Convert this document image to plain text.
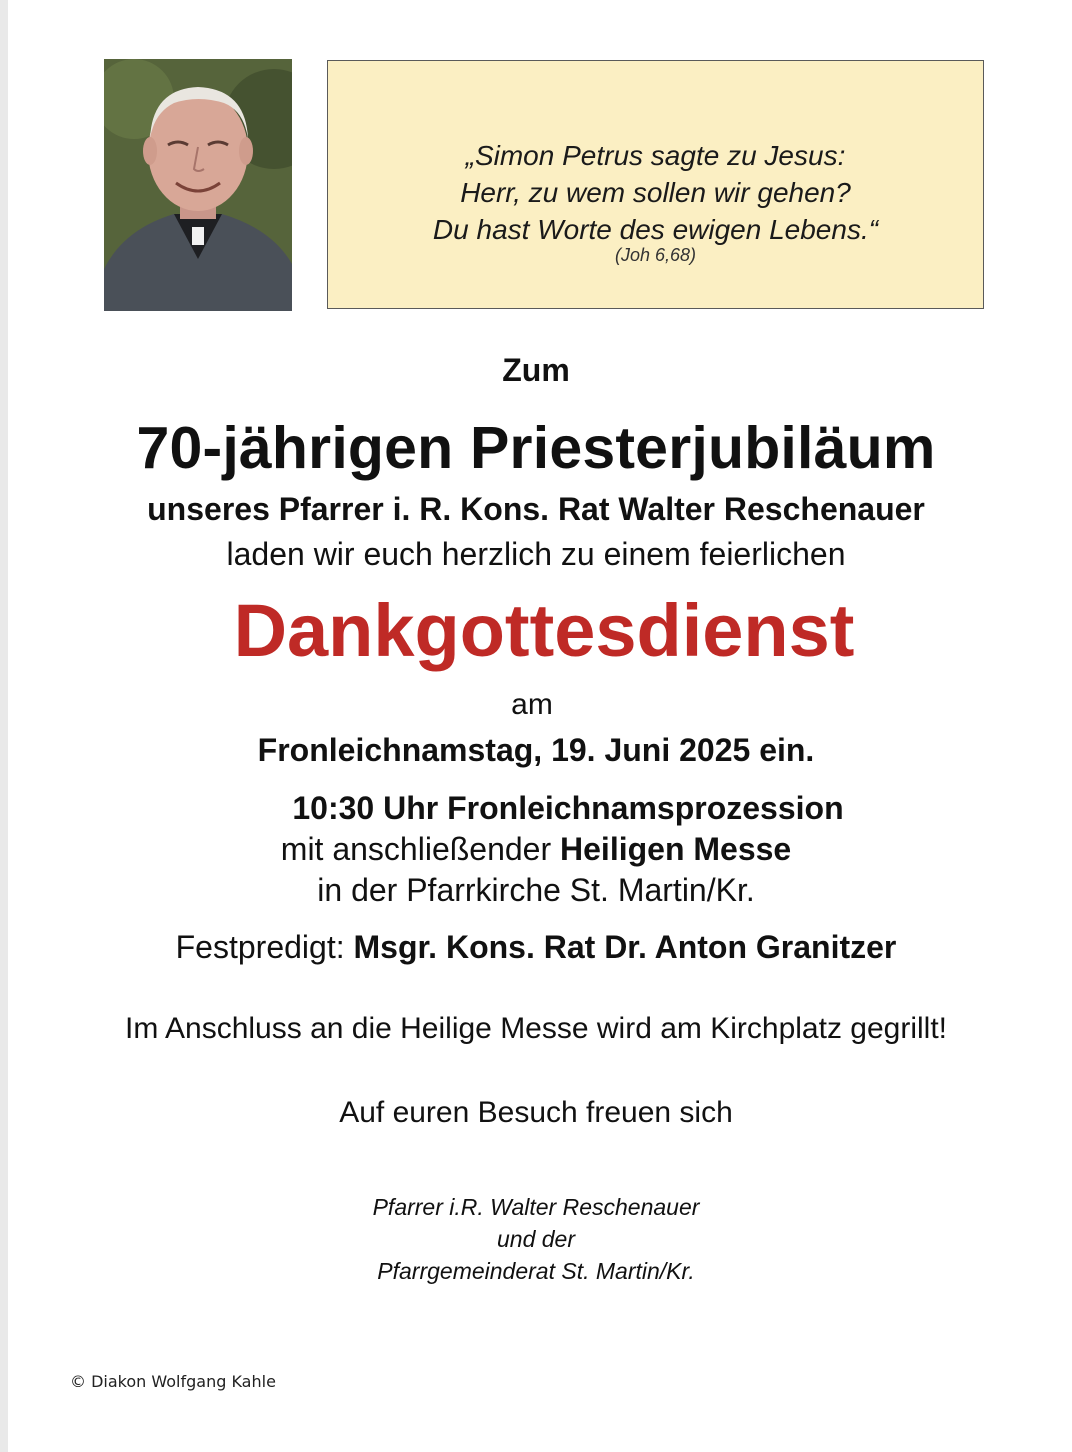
„Simon Petrus sagte zu Jesus:
Herr, zu wem sollen wir gehen?
Du hast Worte des ewigen Lebens.“
(Joh 6,68)
Zum
70-jährigen Priesterjubiläum
unseres Pfarrer i. R. Kons. Rat Walter Reschenauer
laden wir euch herzlich zu einem feierlichen
Dankgottesdienst
am
Fronleichnamstag, 19. Juni 2025 ein.
10:30 Uhr Fronleichnamsprozession
mit anschließender Heiligen Messe
in der Pfarrkirche St. Martin/Kr.
Festpredigt: Msgr. Kons. Rat Dr. Anton Granitzer
Im Anschluss an die Heilige Messe wird am Kirchplatz gegrillt!
Auf euren Besuch freuen sich
Pfarrer i.R. Walter Reschenauer
und der
Pfarrgemeinderat St. Martin/Kr.
© Diakon Wolfgang Kahle
